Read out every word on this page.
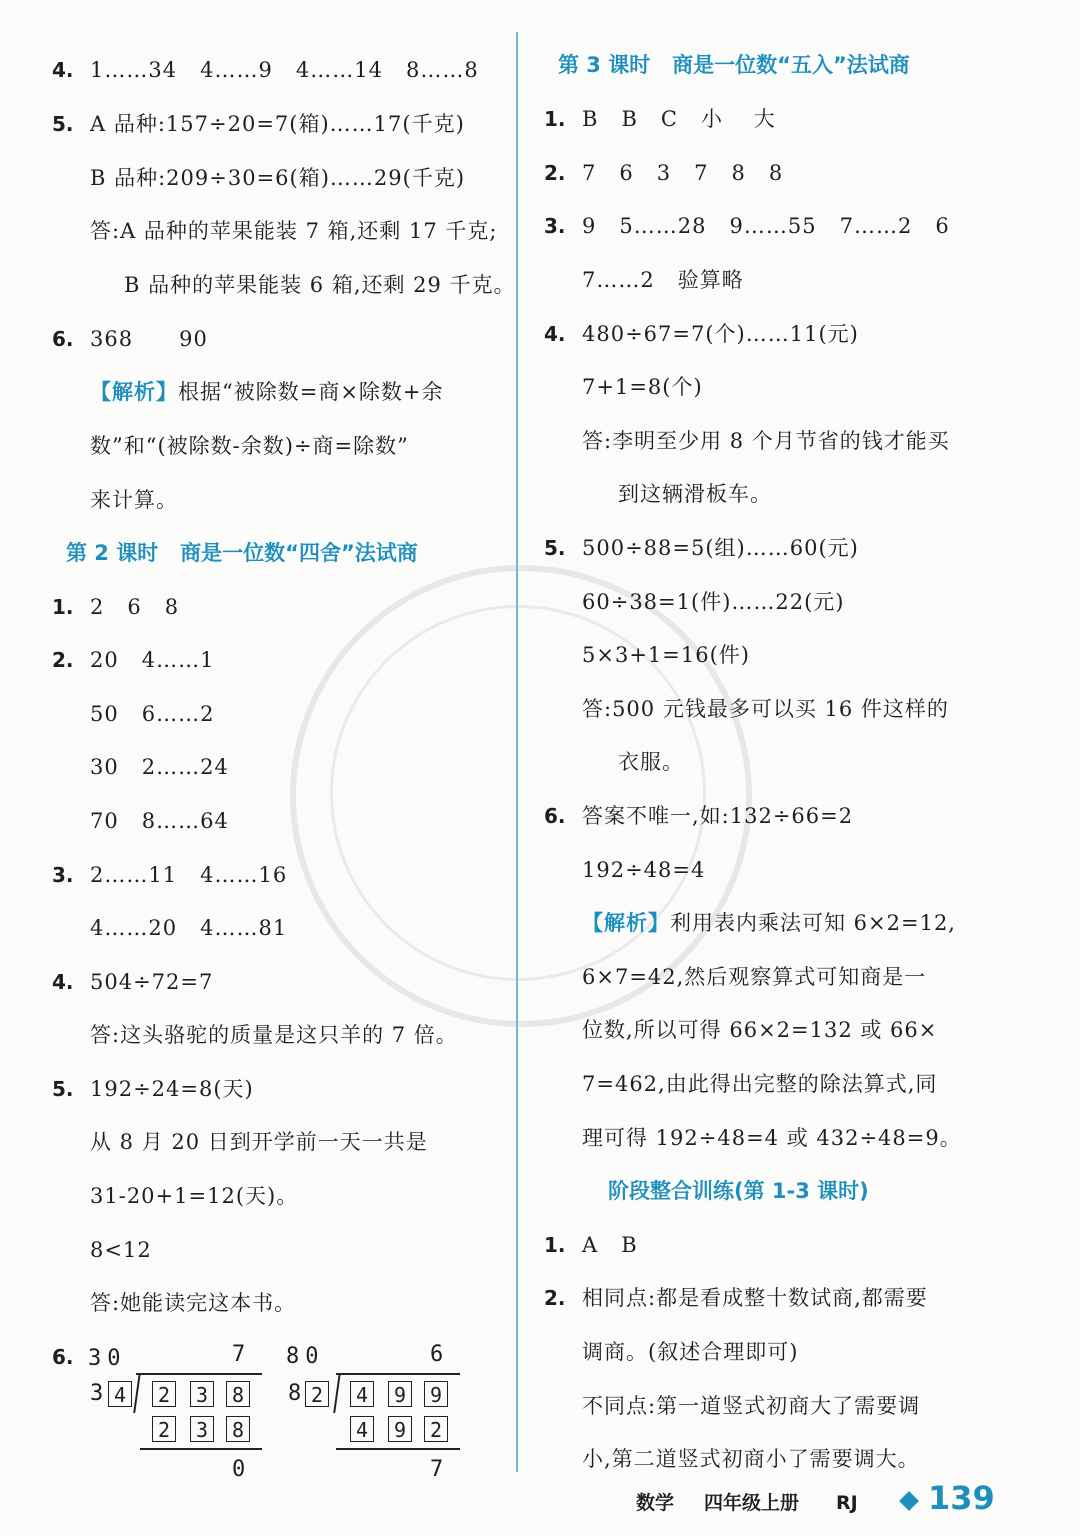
4. 1……34   4……9   4……14   8……8
5. A 品种:157÷20=7(箱)……17(千克)
B 品种:209÷30=6(箱)……29(千克)
答:A 品种的苹果能装 7 箱,还剩 17 千克;
B 品种的苹果能装 6 箱,还剩 29 千克。
6. 368      90
【解析】根据“被除数=商×除数+余
数”和“(被除数-余数)÷商=除数”
来计算。
第 2 课时   商是一位数“四舍”法试商
1. 2   6   8
2. 20   4……1
50   6……2
30   2……24
70   8……64
3. 2……11   4……16
4……20   4……81
4. 504÷72=7
答:这头骆驼的质量是这只羊的 7 倍。
5. 192÷24=8(天)
从 8 月 20 日到开学前一天一共是
31-20+1=12(天)。
8<12
答:她能读完这本书。
6. 30	7
3 4 2 3 8
2 3 8
0
80	6
8 2 4 9 9
4 9 2
7
第 3 课时   商是一位数“五入”法试商
1. B   B   C   小    大
2. 7   6   3   7   8   8
3. 9   5……28   9……55   7……2   6
7……2   验算略
4. 480÷67=7(个)……11(元)
7+1=8(个)
答:李明至少用 8 个月节省的钱才能买
到这辆滑板车。
5. 500÷88=5(组)……60(元)
60÷38=1(件)……22(元)
5×3+1=16(件)
答:500 元钱最多可以买 16 件这样的
衣服。
6. 答案不唯一,如:132÷66=2
192÷48=4
【解析】利用表内乘法可知 6×2=12,
6×7=42,然后观察算式可知商是一
位数,所以可得 66×2=132 或 66×
7=462,由此得出完整的除法算式,同
理可得 192÷48=4 或 432÷48=9。
阶段整合训练(第 1-3 课时)
1. A   B
2. 相同点:都是看成整十数试商,都需要
调商。(叙述合理即可)
不同点:第一道竖式初商大了需要调
小,第二道竖式初商小了需要调大。
数学 四年级上册 RJ 139
